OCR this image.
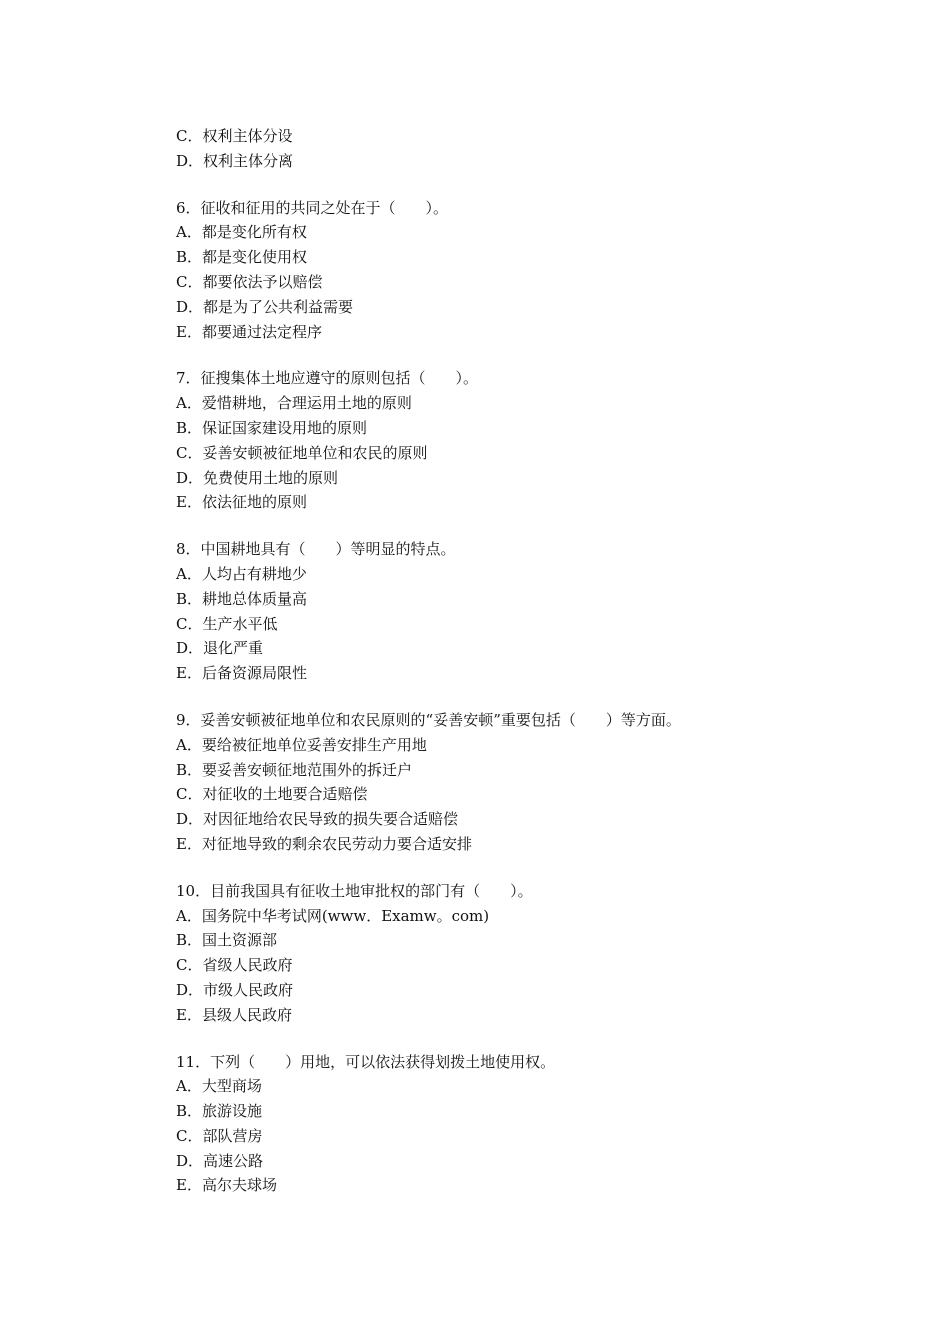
C．权利主体分设
D．权利主体分离
6．征收和征用的共同之处在于（　　）。
A．都是变化所有权
B．都是变化使用权
C．都要依法予以赔偿
D．都是为了公共利益需要
E．都要通过法定程序
7．征搜集体土地应遵守的原则包括（　　）。
A．爱惜耕地，合理运用土地的原则
B．保证国家建设用地的原则
C．妥善安顿被征地单位和农民的原则
D．免费使用土地的原则
E．依法征地的原则
8．中国耕地具有（　　）等明显的特点。
A．人均占有耕地少
B．耕地总体质量高
C．生产水平低
D．退化严重
E．后备资源局限性
9．妥善安顿被征地单位和农民原则的“妥善安顿”重要包括（　　）等方面。
A．要给被征地单位妥善安排生产用地
B．要妥善安顿征地范围外的拆迁户
C．对征收的土地要合适赔偿
D．对因征地给农民导致的损失要合适赔偿
E．对征地导致的剩余农民劳动力要合适安排
10．目前我国具有征收土地审批权的部门有（　　）。
A．国务院中华考试网(www．Examw。com)
B．国土资源部
C．省级人民政府
D．市级人民政府
E．县级人民政府
11．下列（　　）用地，可以依法获得划拨土地使用权。
A．大型商场
B．旅游设施
C．部队营房
D．高速公路
E．高尔夫球场
